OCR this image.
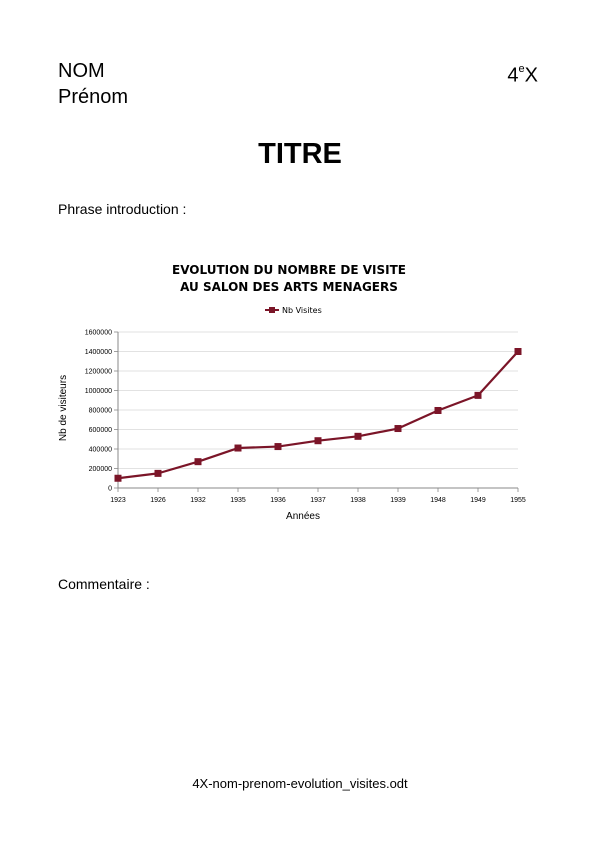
NOM
Prénom
4eX
TITRE
Phrase introduction :
EVOLUTION DU NOMBRE DE VISITE
AU SALON DES ARTS MENAGERS
Nb Visites
0
200000
400000
600000
800000
1000000
1200000
1400000
1600000
1923	1926	1932	1935	1936	1937	1938	1939	1948	1949	1955
Nb de visiteurs
Années
Commentaire :
4X-nom-prenom-evolution_visites.odt
